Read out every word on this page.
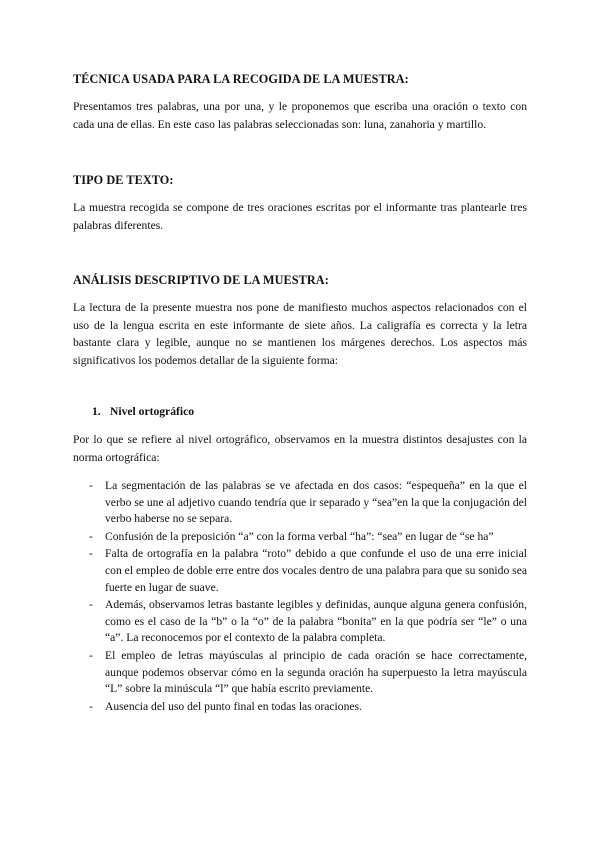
TÉCNICA USADA PARA LA RECOGIDA DE LA MUESTRA:

Presentamos tres palabras, una por una, y le proponemos que escriba una oración o texto con cada una de ellas. En este caso las palabras seleccionadas son: luna, zanahoria y martillo.

TIPO DE TEXTO:

La muestra recogida se compone de tres oraciones escritas por el informante tras plantearle tres palabras diferentes.

ANÁLISIS DESCRIPTIVO DE LA MUESTRA:

La lectura de la presente muestra nos pone de manifiesto muchos aspectos relacionados con el uso de la lengua escrita en este informante de siete años. La caligrafía es correcta y la letra bastante clara y legible, aunque no se mantienen los márgenes derechos. Los aspectos más significativos los podemos detallar de la siguiente forma:

1. Nivel ortográfico

Por lo que se refiere al nivel ortográfico, observamos en la muestra distintos desajustes con la norma ortográfica:

- La segmentación de las palabras se ve afectada en dos casos: “espequeña” en la que el verbo se une al adjetivo cuando tendría que ir separado y “sea”en la que la conjugación del verbo haberse no se separa.
- Confusión de la preposición “a” con la forma verbal “ha”: “sea” en lugar de “se ha”
- Falta de ortografía en la palabra “roto” debido a que confunde el uso de una erre inicial con el empleo de doble erre entre dos vocales dentro de una palabra para que su sonido sea fuerte en lugar de suave.
- Además, observamos letras bastante legibles y definidas, aunque alguna genera confusión, como es el caso de la “b” o la “o” de la palabra “bonita” en la que podría ser “le” o una “a”. La reconocemos por el contexto de la palabra completa.
- El empleo de letras mayúsculas al principio de cada oración se hace correctamente, aunque podemos observar cómo en la segunda oración ha superpuesto la letra mayúscula “L” sobre la minúscula “l” que había escrito previamente.
- Ausencia del uso del punto final en todas las oraciones.
